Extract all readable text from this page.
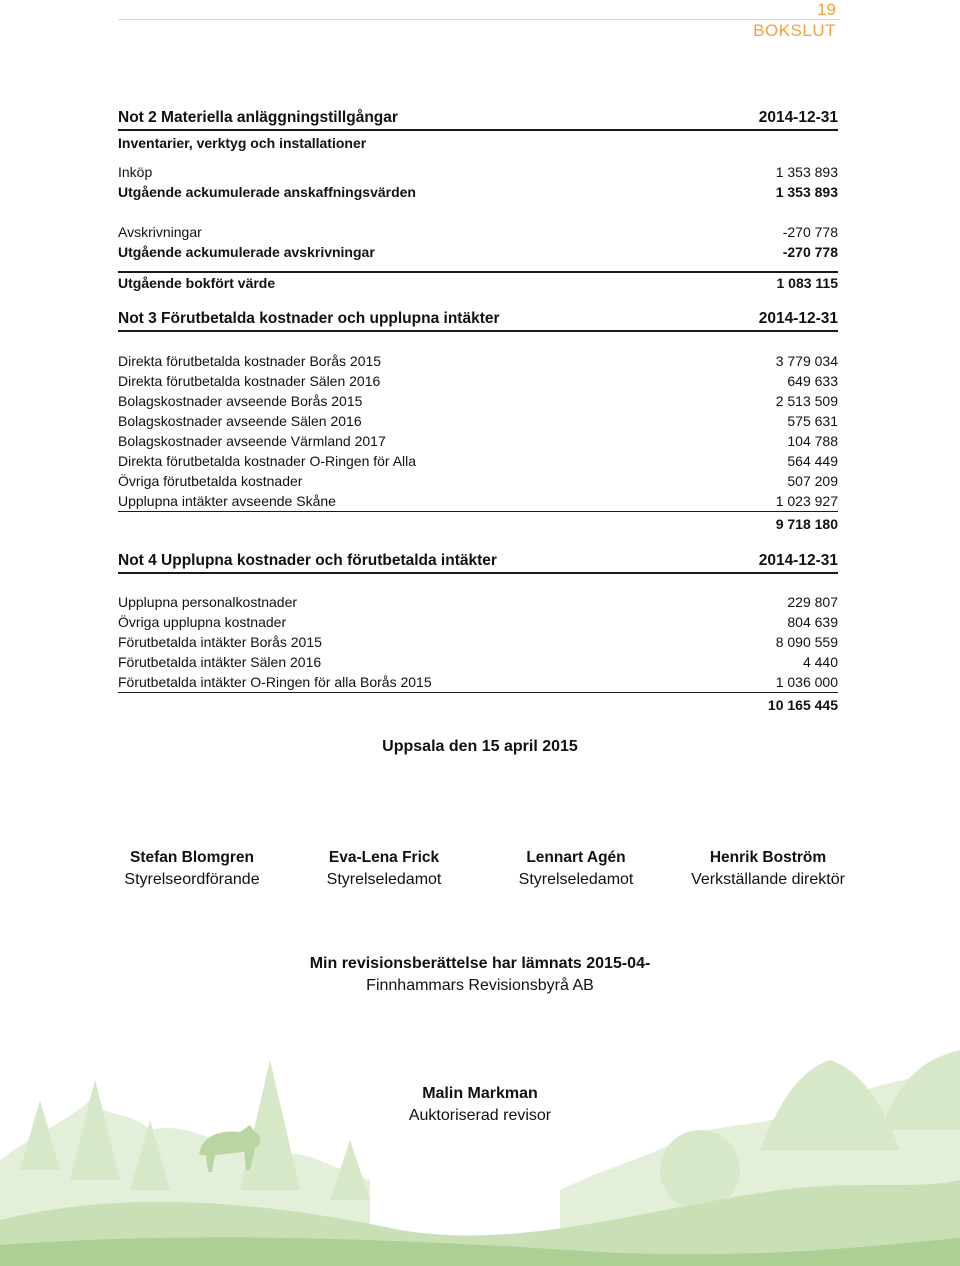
19
BOKSLUT
Not 2 Materiella anläggningstillgångar	2014-12-31
Inventarier, verktyg och installationer
Inköp	1 353 893
Utgående ackumulerade anskaffningsvärden	1 353 893
Avskrivningar	-270 778
Utgående ackumulerade avskrivningar	-270 778
Utgående bokfört värde	1 083 115
Not 3 Förutbetalda kostnader och upplupna intäkter	2014-12-31
Direkta förutbetalda kostnader Borås 2015	3 779 034
Direkta förutbetalda kostnader Sälen 2016	649 633
Bolagskostnader avseende Borås 2015	2 513 509
Bolagskostnader avseende Sälen 2016	575 631
Bolagskostnader avseende Värmland 2017	104 788
Direkta förutbetalda kostnader O-Ringen för Alla	564 449
Övriga förutbetalda kostnader	507 209
Upplupna intäkter avseende Skåne	1 023 927
9 718 180
Not 4 Upplupna kostnader och förutbetalda intäkter	2014-12-31
Upplupna personalkostnader	229 807
Övriga upplupna kostnader	804 639
Förutbetalda intäkter Borås 2015	8 090 559
Förutbetalda intäkter Sälen 2016	4 440
Förutbetalda intäkter O-Ringen för alla Borås 2015	1 036 000
10 165 445
Uppsala den 15 april 2015
Stefan Blomgren
Styrelseordförande
Eva-Lena Frick
Styrelseledamot
Lennart Agén
Styrelseledamot
Henrik Boström
Verkställande direktör
Min revisionsberättelse har lämnats 2015-04-
Finnhammars Revisionsbyrå AB
Malin Markman
Auktoriserad revisor
